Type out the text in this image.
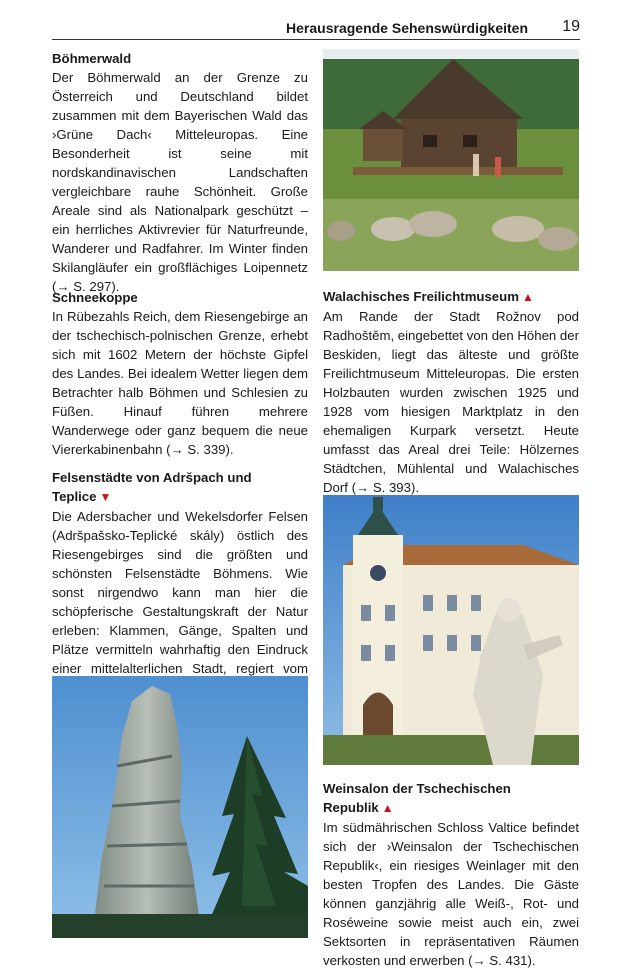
Herausragende Sehenswürdigkeiten 19
Böhmerwald

Der Böhmerwald an der Grenze zu Österreich und Deutschland bildet zusammen mit dem Bayerischen Wald das ›Grüne Dach‹ Mitteleuropas. Eine Besonderheit ist seine mit nordskandinavischen Landschaften vergleichbare rauhe Schönheit. Große Areale sind als Nationalpark geschützt – ein herrliches Aktivrevier für Naturfreunde, Wanderer und Radfahrer. Im Winter finden Skilangläufer ein großflächiges Loipennetz (→ S. 297).

Schneekoppe

In Rübezahls Reich, dem Riesengebirge an der tschechisch-polnischen Grenze, erhebt sich mit 1602 Metern der höchste Gipfel des Landes. Bei idealem Wetter liegen dem Betrachter halb Böhmen und Schlesien zu Füßen. Hinauf führen mehrere Wanderwege oder ganz bequem die neue Viererkabinenbahn (→ S. 339).

Felsenstädte von Adršpach und Teplice ▼

Die Adersbacher und Wekelsdorfer Felsen (Adršpašsko-Teplické skály) östlich des Riesengebirges sind die größten und schönsten Felsenstädte Böhmens. Wie sonst nirgendwo kann man hier die schöpferische Gestaltungskraft der Natur erleben: Klammen, Gänge, Spalten und Plätze vermitteln wahrhaftig den Eindruck einer mittelalterlichen Stadt, regiert vom

Walachisches Freilichtmuseum ▲

Am Rande der Stadt Rožnov pod Radhoštěm, eingebettet von den Höhen der Beskiden, liegt das älteste und größte Freilichtmuseum Mitteleuropas. Die ersten Holzbauten wurden zwischen 1925 und 1928 vom hiesigen Marktplatz in den ehemaligen Kurpark versetzt. Heute umfasst das Areal drei Teile: Hölzernes Städtchen, Mühlental und Walachisches Dorf (→ S. 393).

Weinsalon der Tschechischen Republik ▲

Im südmährischen Schloss Valtice befindet sich der ›Weinsalon der Tschechischen Republik‹, ein riesiges Weinlager mit den besten Tropfen des Landes. Die Gäste können ganzjährig alle Weiß-, Rot- und Roséweine sowie meist auch ein, zwei Sektsorten in repräsentativen Räumen verkosten und erwerben (→ S. 431).
